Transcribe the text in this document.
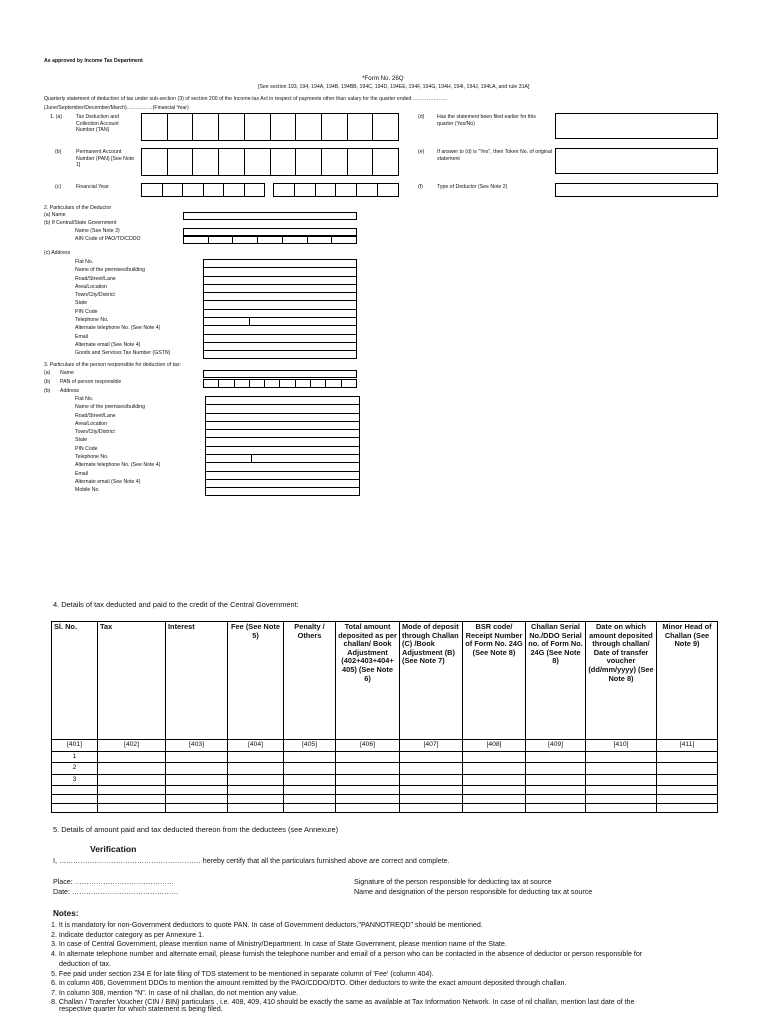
As approved by Income Tax Department
*Form No. 26Q
[See section 193, 194, 194A, 194B, 194BB, 194C, 194D, 194EE, 194F, 194G, 194H, 194I, 194J, 194LA, and rule 31A]
Quarterly statement of deduction of tax under sub-section (3) of section 200 of the Income-tax Act in respect of payments other than salary for the quarter ended ………………..
(June/September/December/March)……………(Financial Year)
1. (a)	Tax Deduction and Collection Account Number (TAN)
(b)	Permanent Account Number (PAN) [See Note 1]
(c)	Financial Year
(d) Has the statement been filed earlier for this quarter (Yes/No)
(e) If answer to (d) is "Yes", then Token No. of original statement
(f)	Type of Deductor (See Note 2)
2. Particulars of the Deductor
(a) Name
(b) If Central/State Government
Name (See Note 3)
AIN Code of PAO/TO/CDDO
(c) Address
Flat No.
Name of the premises/building
Road/Street/Lane
Area/Location
Town/City/District
State
PIN Code
Telephone No.
Alternate telephone No. (See Note 4)
Email
Alternate email (See Note 4)
Goods and Services Tax Number (GSTN)
3. Particulars of the person responsible for deduction of tax:
(a) Name
(b) PAN of person responsible
(b) Address
Flat No.
Name of the premises/building
Road/Street/Lane
Area/Location
Town/City/District
State
PIN Code
Telephone No.
Alternate telephone No. (See Note 4)
Email
Alternate email (See Note 4)
Mobile No.
4. Details of tax deducted and paid to the credit of the Central Government:
Sl. No.	Tax	Interest	Fee (See Note 5)	Penalty / Others	Total amount deposited as per challan/ Book Adjustment (402+403+404+ 405) (See Note 6)	Mode of deposit through Challan (C) /Book Adjustment (B) (See Note 7)	BSR code/ Receipt Number of Form No. 24G (See Note 8)	Challan Serial No./DDO Serial no. of Form No. 24G (See Note 8)	Date on which amount deposited through challan/ Date of transfer voucher (dd/mm/yyyy) (See Note 8)	Minor Head of Challan (See Note 9)
[401]	[402]	[403]	[404]	[405]	[406]	[407]	[408]	[409]	[410]	[411]
1										
2										
3										

5. Details of amount paid and tax deducted thereon from the deductees (see Annexure)
Verification
I, …………………………………………………… hereby certify that all the particulars furnished above are correct and complete.
Place: ……………………………………
Date: ………………………………………
Signature of the person responsible for deducting tax at source
Name and designation of the person responsible for deducting tax at source
Notes:
1. It is mandatory for non-Government deductors to quote PAN. In case of Government deductors,"PANNOTREQD" should be mentioned.
2. Indicate deductor category as per Annexure 1.
3. In case of Central Government, please mention name of Ministry/Department. In case of State Government, please mention name of the State.
4. In alternate telephone number and alternate email, please furnish the telephone number and email of a person who can be contacted in the absence of deductor or person responsible for
deduction of tax.
5. Fee paid under section 234 E for late filing of TDS statement to be mentioned in separate column of 'Fee' (column 404).
6. In column 406, Government DDOs to mention the amount remitted by the PAO/CDDO/DTO. Other deductors to write the exact amount deposited through challan.
7. In column 308, mention "N". In case of nil challan, do not mention any value.
8. Challan / Transfer Voucher (CIN / BIN) particulars , i.e. 408, 409, 410 should be exactly the same as available at Tax Information Network. In case of nil challan, mention last date of the
respective quarter for which statement is being filed.
